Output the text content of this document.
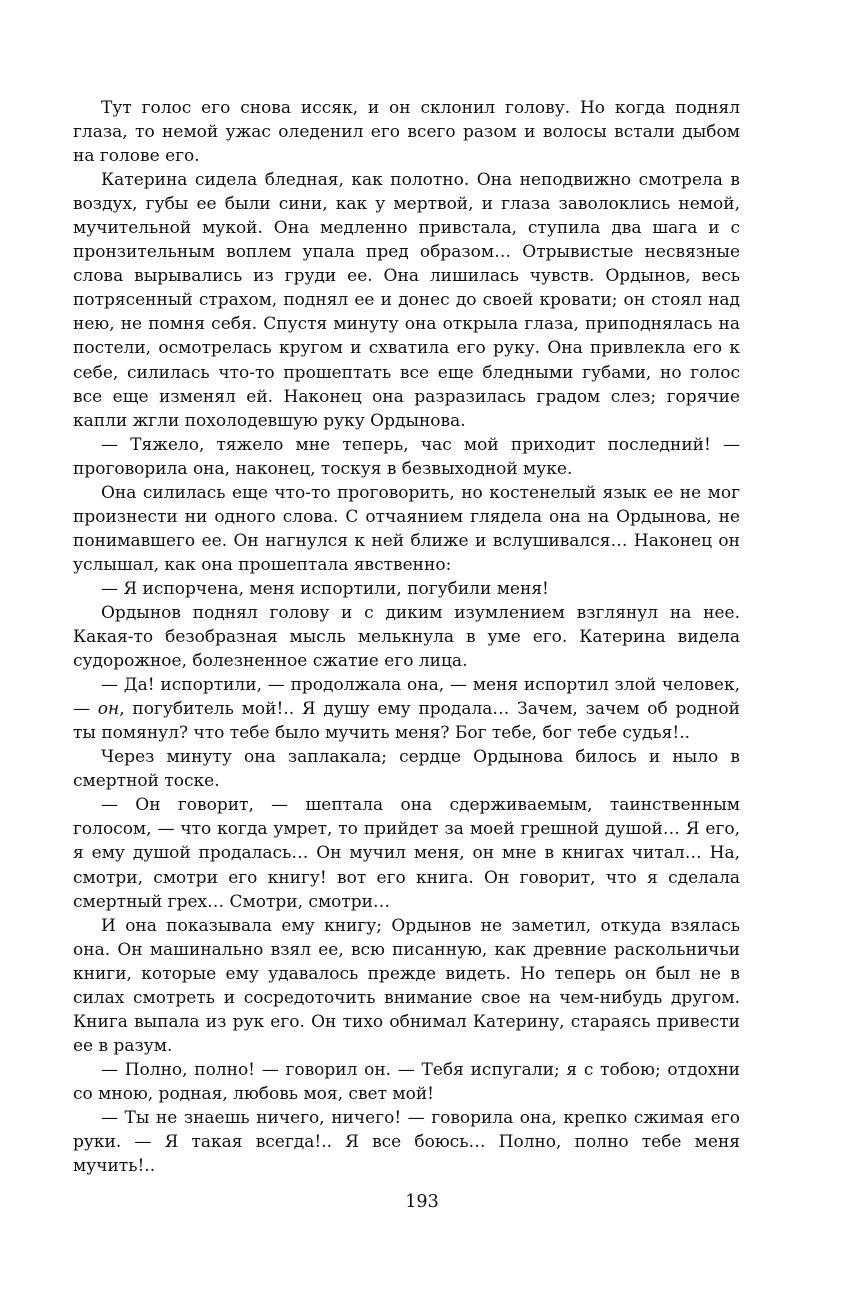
Тут голос его снова иссяк, и он склонил голову. Но когда поднял глаза, то немой ужас оледенил его всего разом и волосы встали дыбом на голове его.

Катерина сидела бледная, как полотно. Она неподвижно смотрела в воздух, губы ее были сини, как у мертвой, и глаза заволоклись немой, мучительной мукой. Она медленно привстала, ступила два шага и с пронзительным воплем упала пред образом… Отрывистые несвязные слова вырывались из груди ее. Она лишилась чувств. Ордынов, весь потрясенный страхом, поднял ее и донес до своей кровати; он стоял над нею, не помня себя. Спустя минуту она открыла глаза, приподнялась на постели, осмотрелась кругом и схватила его руку. Она привлекла его к себе, силилась что-то прошептать все еще бледными губами, но голос все еще изменял ей. Наконец она разразилась градом слез; горячие капли жгли похолодевшую руку Ордынова.

— Тяжело, тяжело мне теперь, час мой приходит последний! — проговорила она, наконец, тоскуя в безвыходной муке.

Она силилась еще что-то проговорить, но костенелый язык ее не мог произнести ни одного слова. С отчаянием глядела она на Ордынова, не понимавшего ее. Он нагнулся к ней ближе и вслушивался… Наконец он услышал, как она прошептала явственно:

— Я испорчена, меня испортили, погубили меня!

Ордынов поднял голову и с диким изумлением взглянул на нее. Какая-то безобразная мысль мелькнула в уме его. Катерина видела судорожное, болезненное сжатие его лица.

— Да! испортили, — продолжала она, — меня испортил злой человек, — он, погубитель мой!.. Я душу ему продала… Зачем, зачем об родной ты помянул? что тебе было мучить меня? Бог тебе, бог тебе судья!..

Через минуту она заплакала; сердце Ордынова билось и ныло в смертной тоске.

— Он говорит, — шептала она сдерживаемым, таинственным голосом, — что когда умрет, то прийдет за моей грешной душой… Я его, я ему душой продалась… Он мучил меня, он мне в книгах читал… На, смотри, смотри его книгу! вот его книга. Он говорит, что я сделала смертный грех… Смотри, смотри…

И она показывала ему книгу; Ордынов не заметил, откуда взялась она. Он машинально взял ее, всю писанную, как древние раскольничьи книги, которые ему удавалось прежде видеть. Но теперь он был не в силах смотреть и сосредоточить внимание свое на чем-нибудь другом. Книга выпала из рук его. Он тихо обнимал Катерину, стараясь привести ее в разум.

— Полно, полно! — говорил он. — Тебя испугали; я с тобою; отдохни со мною, родная, любовь моя, свет мой!

— Ты не знаешь ничего, ничего! — говорила она, крепко сжимая его руки. — Я такая всегда!.. Я все боюсь… Полно, полно тебе меня мучить!..

193
